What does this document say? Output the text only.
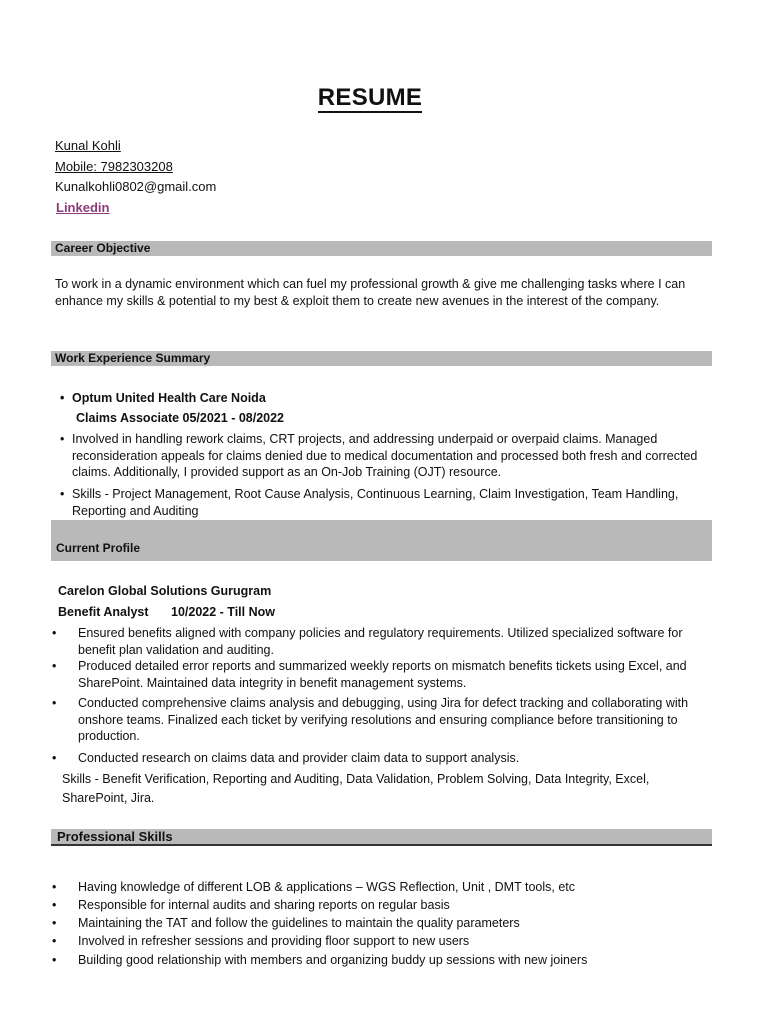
RESUME
Kunal Kohli
Mobile: 7982303208
Kunalkohli0802@gmail.com
Linkedin
Career Objective
To work in a dynamic environment which can fuel my professional growth & give me challenging tasks where I can enhance my skills & potential to my best & exploit them to create new avenues in the interest of the company.
Work Experience Summary
• Optum United Health Care Noida
Claims Associate 05/2021 - 08/2022
• Involved in handling rework claims, CRT projects, and addressing underpaid or overpaid claims. Managed reconsideration appeals for claims denied due to medical documentation and processed both fresh and corrected claims. Additionally, I provided support as an On-Job Training (OJT) resource.
• Skills - Project Management, Root Cause Analysis, Continuous Learning, Claim Investigation, Team Handling, Reporting and Auditing
Current Profile
Carelon Global Solutions Gurugram
Benefit Analyst 10/2022 - Till Now
• Ensured benefits aligned with company policies and regulatory requirements. Utilized specialized software for benefit plan validation and auditing.
• Produced detailed error reports and summarized weekly reports on mismatch benefits tickets using Excel, and SharePoint. Maintained data integrity in benefit management systems.
• Conducted comprehensive claims analysis and debugging, using Jira for defect tracking and collaborating with onshore teams. Finalized each ticket by verifying resolutions and ensuring compliance before transitioning to production.
• Conducted research on claims data and provider claim data to support analysis.
Skills - Benefit Verification, Reporting and Auditing, Data Validation, Problem Solving, Data Integrity, Excel, SharePoint, Jira.
Professional Skills
• Having knowledge of different LOB & applications – WGS Reflection, Unit , DMT tools, etc
• Responsible for internal audits and sharing reports on regular basis
• Maintaining the TAT and follow the guidelines to maintain the quality parameters
• Involved in refresher sessions and providing floor support to new users
• Building good relationship with members and organizing buddy up sessions with new joiners
